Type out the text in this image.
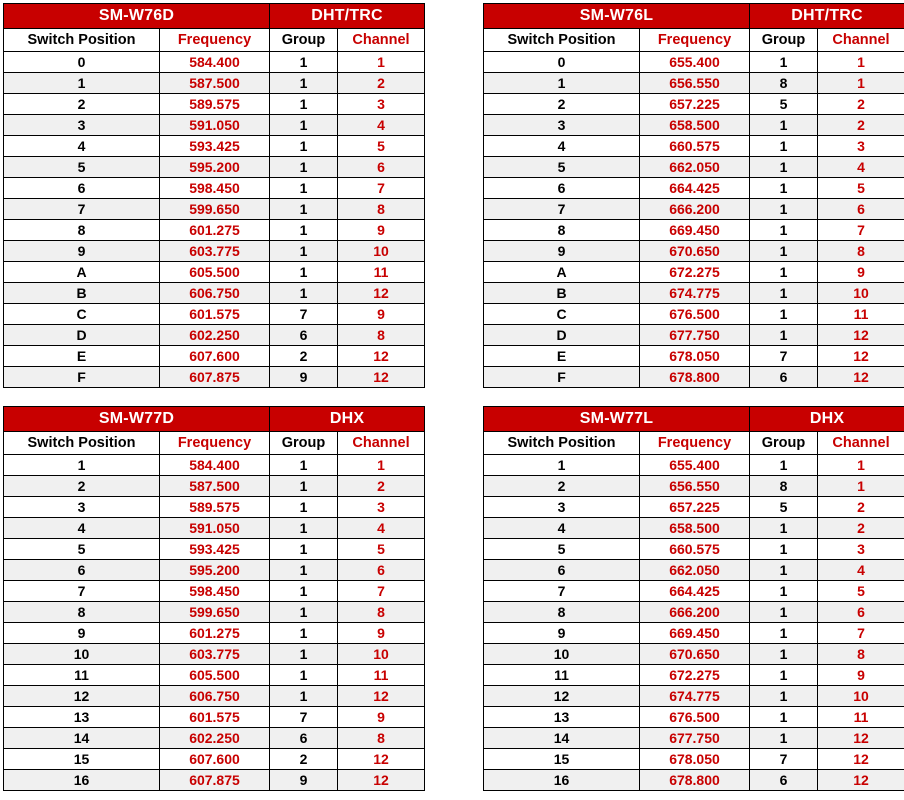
SM-W76D		DHT/TRC	
Switch Position	Frequency	Group	Channel
0	584.400	1	1
1	587.500	1	2
2	589.575	1	3
3	591.050	1	4
4	593.425	1	5
5	595.200	1	6
6	598.450	1	7
7	599.650	1	8
8	601.275	1	9
9	603.775	1	10
A	605.500	1	11
B	606.750	1	12
C	601.575	7	9
D	602.250	6	8
E	607.600	2	12
F	607.875	9	12
SM-W76L		DHT/TRC	
Switch Position	Frequency	Group	Channel
0	655.400	1	1
1	656.550	8	1
2	657.225	5	2
3	658.500	1	2
4	660.575	1	3
5	662.050	1	4
6	664.425	1	5
7	666.200	1	6
8	669.450	1	7
9	670.650	1	8
A	672.275	1	9
B	674.775	1	10
C	676.500	1	11
D	677.750	1	12
E	678.050	7	12
F	678.800	6	12
SM-W77D		DHX	
Switch Position	Frequency	Group	Channel
1	584.400	1	1
2	587.500	1	2
3	589.575	1	3
4	591.050	1	4
5	593.425	1	5
6	595.200	1	6
7	598.450	1	7
8	599.650	1	8
9	601.275	1	9
10	603.775	1	10
11	605.500	1	11
12	606.750	1	12
13	601.575	7	9
14	602.250	6	8
15	607.600	2	12
16	607.875	9	12
SM-W77L		DHX	
Switch Position	Frequency	Group	Channel
1	655.400	1	1
2	656.550	8	1
3	657.225	5	2
4	658.500	1	2
5	660.575	1	3
6	662.050	1	4
7	664.425	1	5
8	666.200	1	6
9	669.450	1	7
10	670.650	1	8
11	672.275	1	9
12	674.775	1	10
13	676.500	1	11
14	677.750	1	12
15	678.050	7	12
16	678.800	6	12
